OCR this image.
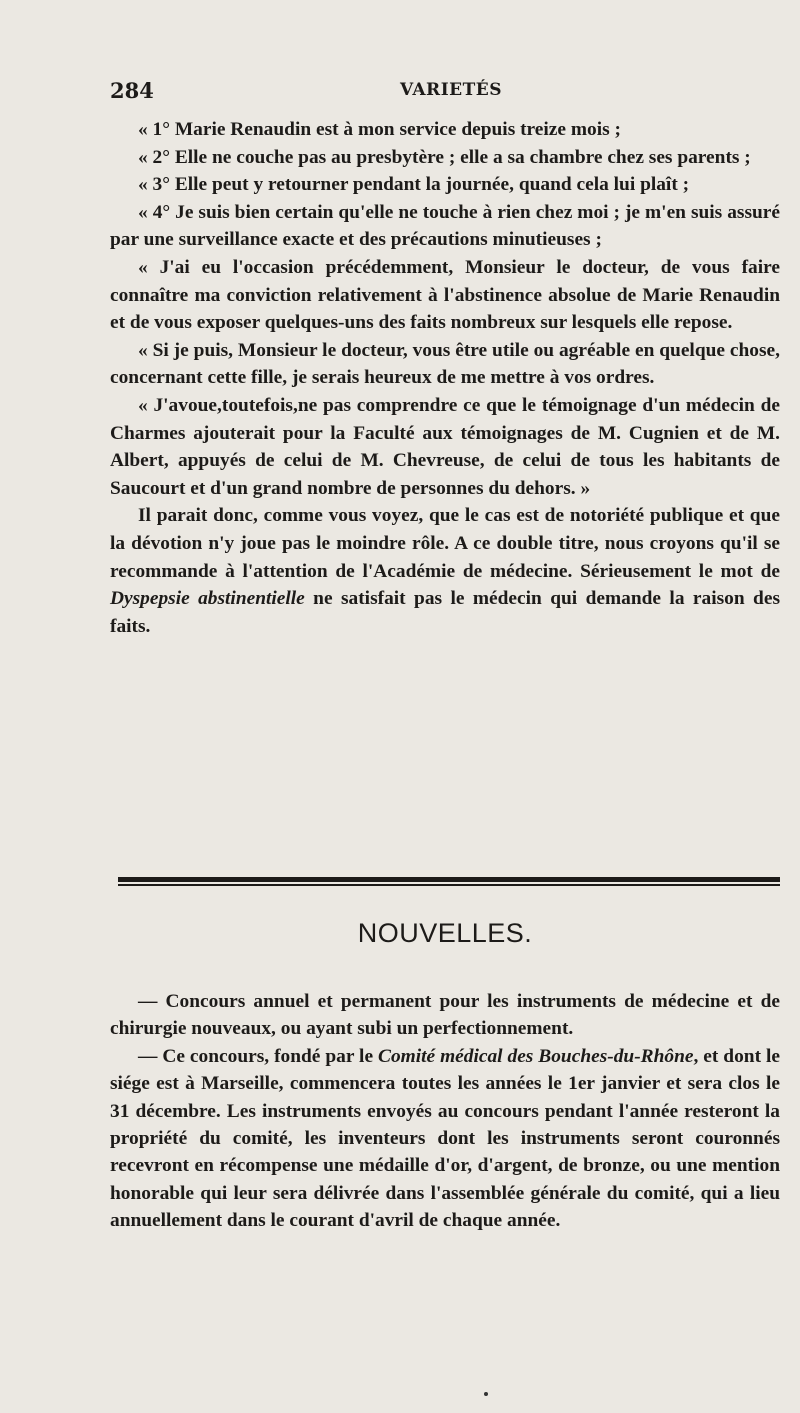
284	VARIETÉS

« 1° Marie Renaudin est à mon service depuis treize mois ;

« 2° Elle ne couche pas au presbytère ; elle a sa chambre chez ses parents ;

« 3° Elle peut y retourner pendant la journée, quand cela lui plaît ;

« 4° Je suis bien certain qu'elle ne touche à rien chez moi ; je m'en suis assuré par une surveillance exacte et des précautions minutieuses ;

« J'ai eu l'occasion précédemment, Monsieur le docteur, de vous faire connaître ma conviction relativement à l'abstinence absolue de Marie Renaudin et de vous exposer quelques-uns des faits nombreux sur lesquels elle repose.

« Si je puis, Monsieur le docteur, vous être utile ou agréable en quelque chose, concernant cette fille, je serais heureux de me mettre à vos ordres.

« J'avoue,toutefois,ne pas comprendre ce que le témoignage d'un médecin de Charmes ajouterait pour la Faculté aux témoignages de M. Cugnien et de M. Albert, appuyés de celui de M. Chevreuse, de celui de tous les habitants de Saucourt et d'un grand nombre de personnes du dehors. »

Il parait donc, comme vous voyez, que le cas est de notoriété publique et que la dévotion n'y joue pas le moindre rôle. A ce double titre, nous croyons qu'il se recommande à l'attention de l'Académie de médecine. Sérieusement le mot de Dyspepsie abstinentielle ne satisfait pas le médecin qui demande la raison des faits.

NOUVELLES.

— Concours annuel et permanent pour les instruments de médecine et de chirurgie nouveaux, ou ayant subi un perfectionnement.

— Ce concours, fondé par le Comité médical des Bouches-du-Rhône, et dont le siége est à Marseille, commencera toutes les années le 1er janvier et sera clos le 31 décembre. Les instruments envoyés au concours pendant l'année resteront la propriété du comité, les inventeurs dont les instruments seront couronnés recevront en récompense une médaille d'or, d'argent, de bronze, ou une mention honorable qui leur sera délivrée dans l'assemblée générale du comité, qui a lieu annuellement dans le courant d'avril de chaque année.
